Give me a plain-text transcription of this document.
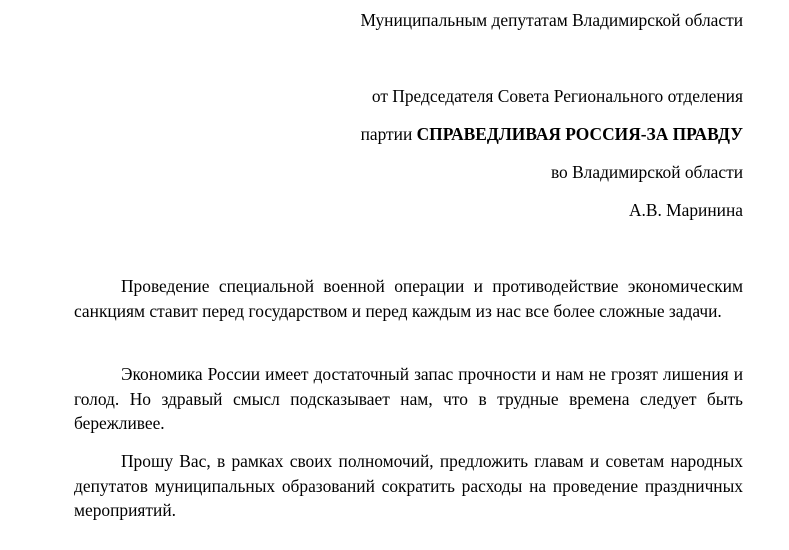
Муниципальным депутатам Владимирской области

от Председателя Совета Регионального отделения

партии СПРАВЕДЛИВАЯ РОССИЯ-ЗА ПРАВДУ

во Владимирской области

А.В. Маринина

Проведение специальной военной операции и противодействие экономическим санкциям ставит перед государством и перед каждым из нас все более сложные задачи.

Экономика России имеет достаточный запас прочности и нам не грозят лишения и голод. Но здравый смысл подсказывает нам, что в трудные времена следует быть бережливее.

Прошу Вас, в рамках своих полномочий, предложить главам и советам народных депутатов муниципальных образований сократить расходы на проведение праздничных мероприятий.
